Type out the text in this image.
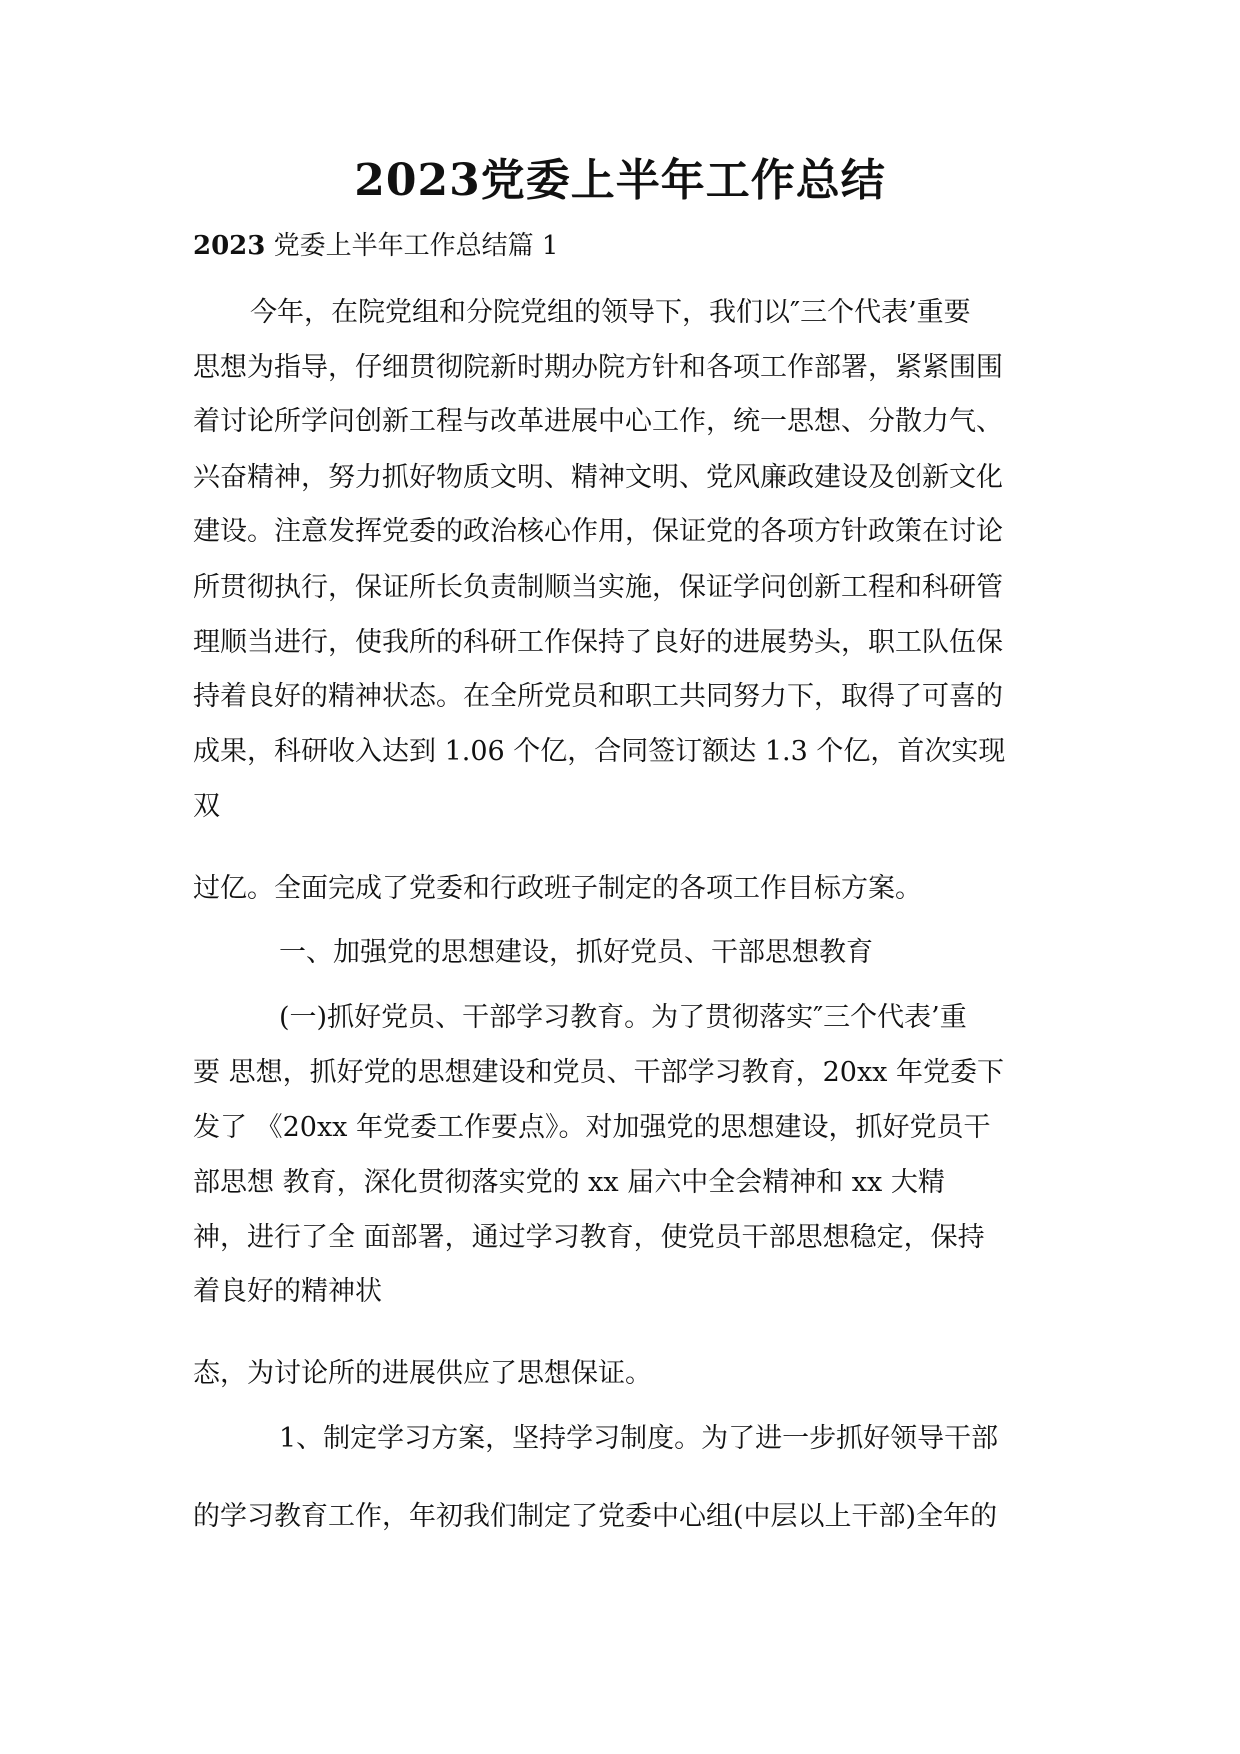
2023党委上半年工作总结

2023 党委上半年工作总结篇 1

今年，在院党组和分院党组的领导下，我们以″三个代表’重要

思想为指导，仔细贯彻院新时期办院方针和各项工作部署，紧紧围围

着讨论所学问创新工程与改革进展中心工作，统一思想、分散力气、

兴奋精神，努力抓好物质文明、精神文明、党风廉政建设及创新文化

建设。注意发挥党委的政治核心作用，保证党的各项方针政策在讨论

所贯彻执行，保证所长负责制顺当实施，保证学问创新工程和科研管

理顺当进行，使我所的科研工作保持了良好的进展势头，职工队伍保

持着良好的精神状态。在全所党员和职工共同努力下，取得了可喜的

成果，科研收入达到 1.06 个亿，合同签订额达 1.3 个亿，首次实现

双

过亿。全面完成了党委和行政班子制定的各项工作目标方案。

一、加强党的思想建设，抓好党员、干部思想教育

(一)抓好党员、干部学习教育。为了贯彻落实″三个代表’重

要 思想，抓好党的思想建设和党员、干部学习教育，20xx 年党委下

发了 《20xx 年党委工作要点》。对加强党的思想建设，抓好党员干

部思想 教育，深化贯彻落实党的 xx 届六中全会精神和 xx 大精

神，进行了全 面部署，通过学习教育，使党员干部思想稳定，保持

着良好的精神状

态，为讨论所的进展供应了思想保证。

1、制定学习方案，坚持学习制度。为了进一步抓好领导干部

的学习教育工作，年初我们制定了党委中心组(中层以上干部)全年的
